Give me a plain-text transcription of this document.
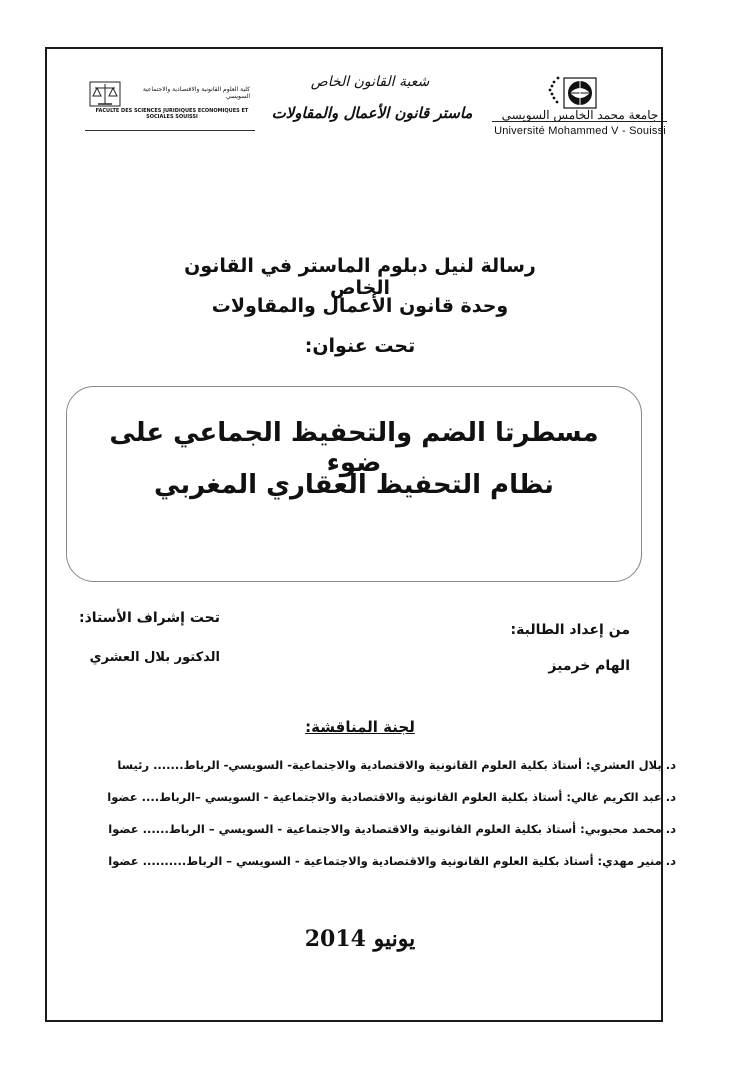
كلية العلوم القانونية والاقتصادية والاجتماعية السويسي
FACULTE DES SCIENCES JURIDIQUES ECONOMIQUES ET SOCIALES SOUISSI
شعبة القانون الخاص
ماستر قانون الأعمال والمقاولات	جامعة محمد الخامس السويسي
Université Mohammed V - Souissi
رسالة لنيل دبلوم الماستر في القانون الخاص
وحدة قانون الأعمال والمقاولات
تحت عنوان:
مسطرتا الضم والتحفيظ الجماعي على ضوء
نظام التحفيظ العقاري المغربي
تحت إشراف الأستاذ:
الدكتور بلال العشري
من إعداد الطالبة:
الهام خرميز
لجنة المناقشة:
د. بلال العشري: أستاذ بكلية العلوم القانونية والاقتصادية والاجتماعية- السويسي- الرباط....... رئيسا
د. عبد الكريم غالي: أستاذ بكلية العلوم القانونية والاقتصادية والاجتماعية - السويسي –الرباط.... عضوا
د. محمد محبوبي: أستاذ بكلية العلوم القانونية والاقتصادية والاجتماعية - السويسي – الرباط...... عضوا
د. منير مهدي: أستاذ بكلية العلوم القانونية والاقتصادية والاجتماعية - السويسي – الرباط.......... عضوا
يونيو 2014
